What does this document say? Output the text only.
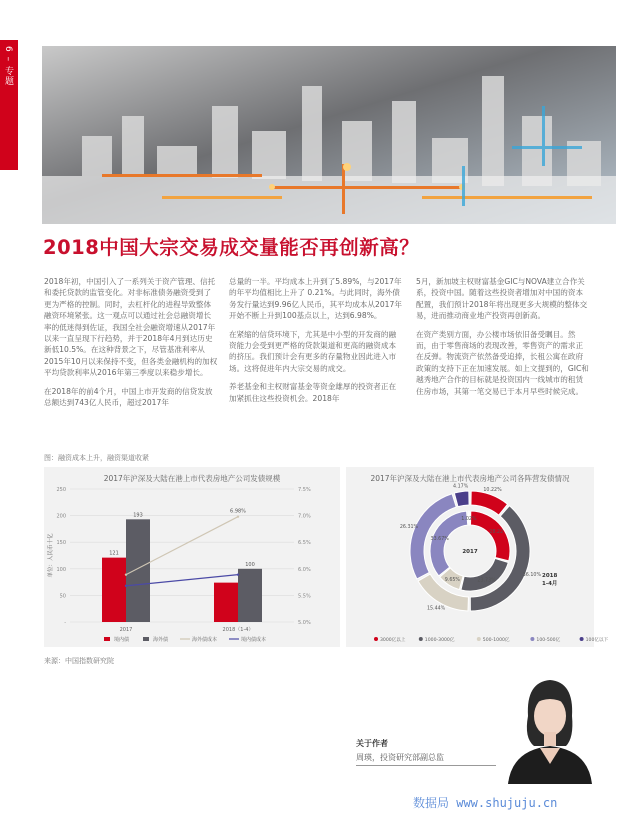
6 – 专题
2018中国大宗交易成交量能否再创新高？

2018年初，中国引入了一系列关于资产管理、信托和委托贷款的监管变化。对非标准债务融资受到了更为严格的控制。同时，去杠杆化的进程导致整体融资环境紧张。这一观点可以通过社会总融资增长率的低迷得到佐证，我国全社会融资增速从2017年以来一直呈现下行趋势，并于2018年4月到达历史新低10.5%。在这种背景之下，尽管基准利率从2015年10月以来保持不变，但各类金融机构的加权平均贷款利率从2016年第三季度以来稳步增长。

在2018年的前4个月，中国上市开发商的信贷发放总额达到743亿人民币，超过2017年

总量的一半。平均成本上升到了5.89%，与2017年的年平均值相比上升了 0.21%。与此同时，海外债务发行量达到9.96亿人民币，其平均成本从2017年开始不断上升到100基点以上，达到6.98%。

在紧缩的信贷环境下，尤其是中小型的开发商的融资能力会受到更严格的贷款渠道和更高的融资成本的挤压。我们预计会有更多的存量物业因此进入市场。这将促进年内大宗交易的成交。

养老基金和主权财富基金等资金雄厚的投资者正在加紧抓住这些投资机会。2018年

5月，新加坡主权财富基金GIC与NOVA建立合作关系，投资中国。随着这些投资者增加对中国的资本配置，我们预计2018年将出现更多大规模的整体交易，进而推动商业地产投资再创新高。

在资产类别方面，办公楼市场依旧备受瞩目。然而，由于零售商场的表现改善，零售资产的需求正在反弹。物流资产依然备受追捧，长租公寓在政府政策的支持下正在加速发展。如上文提到的，GIC和越秀地产合作的目标就是投资国内一线城市的租赁住房市场，其第一笔交易已于本月早些时候完成。

图：融资成本上升，融资渠道收紧
2017年沪深及大陆在港上市代表房地产公司发债规模
250	7.5%
200	7.0%
150	6.5%
100	6.0%
50	5.5%
-	5.0%
单位：人民币十亿
2017	2018（1-4）
121
193
100
6.98%
境内债	海外债	海外债成本	境内债成本
2017年沪深及大陆在港上市代表房地产公司各阵营发债情况
10.22%
36.10%
15.44%
26.31%
4.17%
28.22
23.73%
9.65%
33.67%
1.02%
2017
2018
1-4月
3000亿以上	1000-3000亿	500-1000亿	100-500亿	100亿以下
来源：中国指数研究院
关于作者
周瑛，投资研究部副总监
数据局 www.shujuju.cn
